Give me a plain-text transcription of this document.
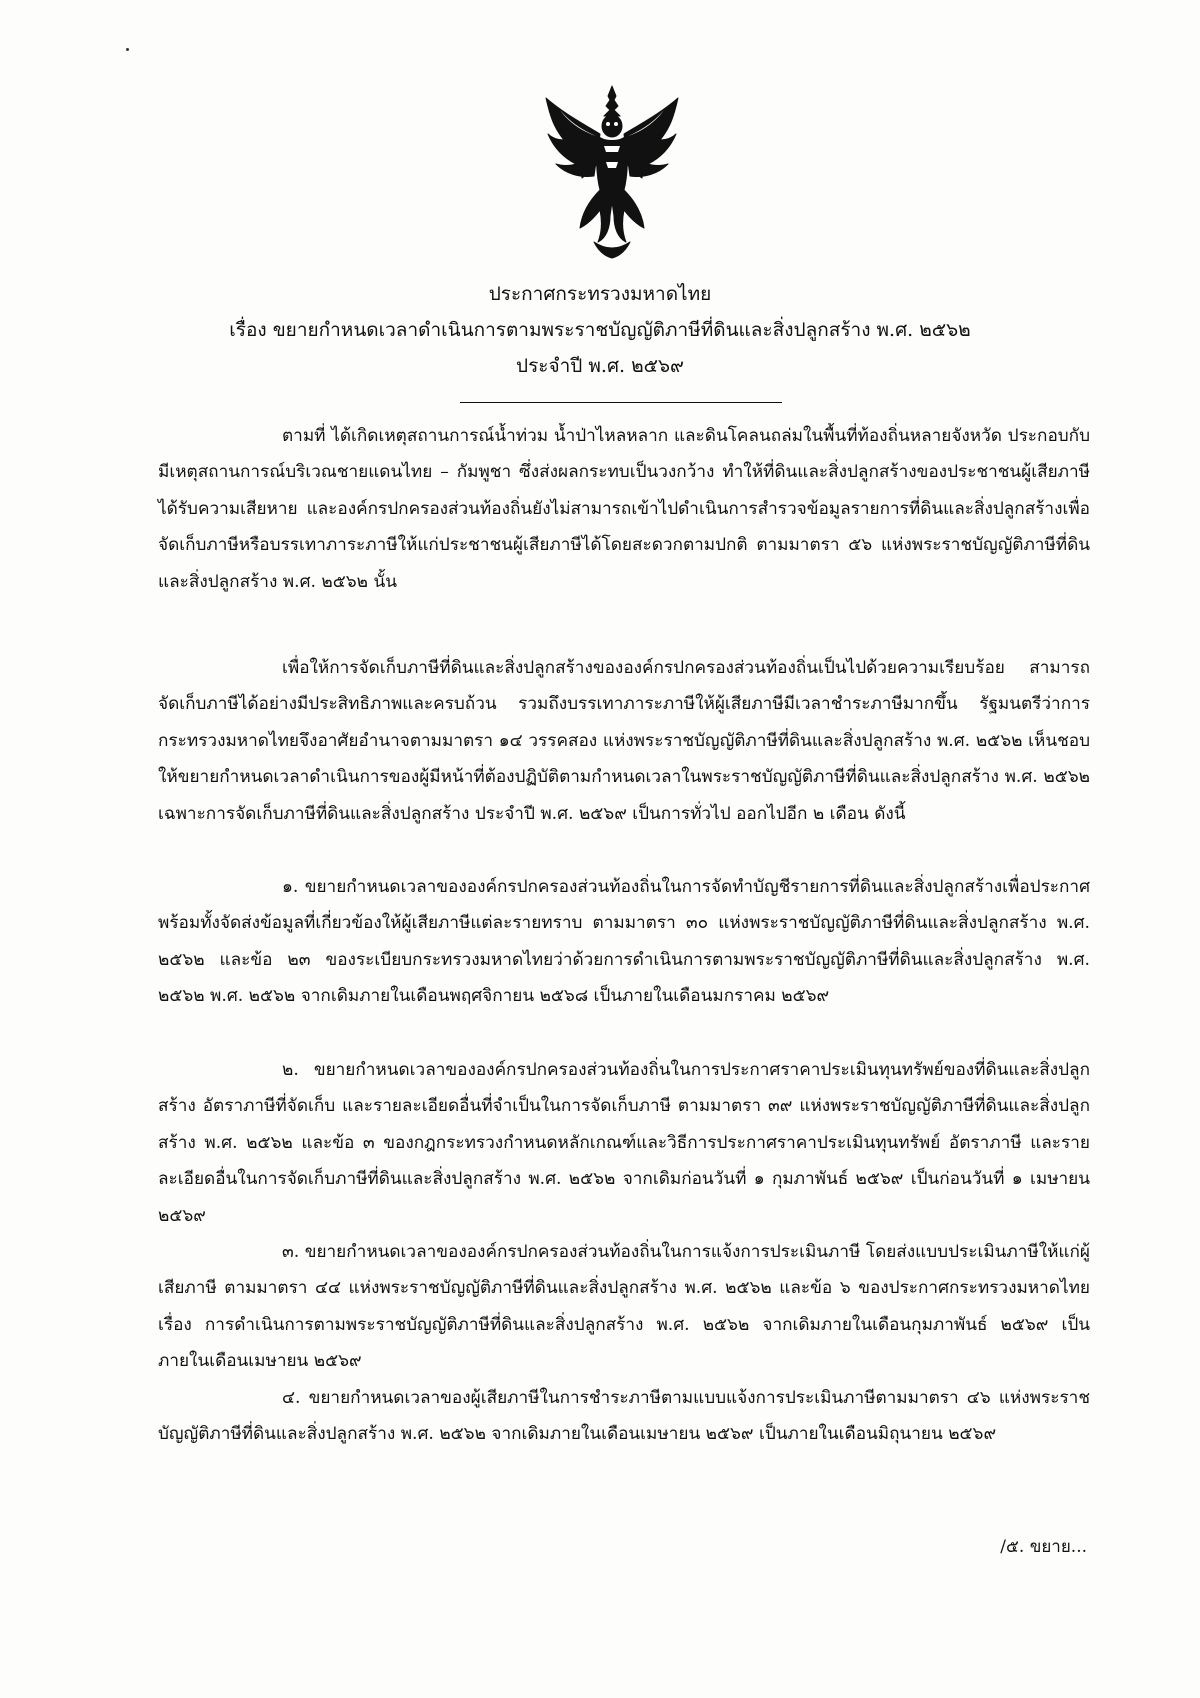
ประกาศกระทรวงมหาดไทย
เรื่อง ขยายกำหนดเวลาดำเนินการตามพระราชบัญญัติภาษีที่ดินและสิ่งปลูกสร้าง พ.ศ. ๒๕๖๒
ประจำปี พ.ศ. ๒๕๖๙
ตามที่ ได้เกิดเหตุสถานการณ์น้ำท่วม น้ำป่าไหลหลาก และดินโคลนถล่มในพื้นที่ท้องถิ่นหลายจังหวัด ประกอบกับมีเหตุสถานการณ์บริเวณชายแดนไทย – กัมพูชา ซึ่งส่งผลกระทบเป็นวงกว้าง ทำให้ที่ดินและสิ่งปลูกสร้างของประชาชนผู้เสียภาษีได้รับความเสียหาย และองค์กรปกครองส่วนท้องถิ่นยังไม่สามารถเข้าไปดำเนินการสำรวจข้อมูลรายการที่ดินและสิ่งปลูกสร้างเพื่อจัดเก็บภาษีหรือบรรเทาภาระภาษีให้แก่ประชาชนผู้เสียภาษีได้โดยสะดวกตามปกติ ตามมาตรา ๕๖ แห่งพระราชบัญญัติภาษีที่ดินและสิ่งปลูกสร้าง พ.ศ. ๒๕๖๒ นั้น
เพื่อให้การจัดเก็บภาษีที่ดินและสิ่งปลูกสร้างขององค์กรปกครองส่วนท้องถิ่นเป็นไปด้วยความเรียบร้อย สามารถจัดเก็บภาษีได้อย่างมีประสิทธิภาพและครบถ้วน รวมถึงบรรเทาภาระภาษีให้ผู้เสียภาษีมีเวลาชำระภาษีมากขึ้น รัฐมนตรีว่าการกระทรวงมหาดไทยจึงอาศัยอำนาจตามมาตรา ๑๔ วรรคสอง แห่งพระราชบัญญัติภาษีที่ดินและสิ่งปลูกสร้าง พ.ศ. ๒๕๖๒ เห็นชอบให้ขยายกำหนดเวลาดำเนินการของผู้มีหน้าที่ต้องปฏิบัติตามกำหนดเวลาในพระราชบัญญัติภาษีที่ดินและสิ่งปลูกสร้าง พ.ศ. ๒๕๖๒ เฉพาะการจัดเก็บภาษีที่ดินและสิ่งปลูกสร้าง ประจำปี พ.ศ. ๒๕๖๙ เป็นการทั่วไป ออกไปอีก ๒ เดือน ดังนี้
๑. ขยายกำหนดเวลาขององค์กรปกครองส่วนท้องถิ่นในการจัดทำบัญชีรายการที่ดินและสิ่งปลูกสร้างเพื่อประกาศ พร้อมทั้งจัดส่งข้อมูลที่เกี่ยวข้องให้ผู้เสียภาษีแต่ละรายทราบ ตามมาตรา ๓๐ แห่งพระราชบัญญัติภาษีที่ดินและสิ่งปลูกสร้าง พ.ศ. ๒๕๖๒ และข้อ ๒๓ ของระเบียบกระทรวงมหาดไทยว่าด้วยการดำเนินการตามพระราชบัญญัติภาษีที่ดินและสิ่งปลูกสร้าง พ.ศ. ๒๕๖๒ พ.ศ. ๒๕๖๒ จากเดิมภายในเดือนพฤศจิกายน ๒๕๖๘ เป็นภายในเดือนมกราคม ๒๕๖๙
๒. ขยายกำหนดเวลาขององค์กรปกครองส่วนท้องถิ่นในการประกาศราคาประเมินทุนทรัพย์ของที่ดินและสิ่งปลูกสร้าง อัตราภาษีที่จัดเก็บ และรายละเอียดอื่นที่จำเป็นในการจัดเก็บภาษี ตามมาตรา ๓๙ แห่งพระราชบัญญัติภาษีที่ดินและสิ่งปลูกสร้าง พ.ศ. ๒๕๖๒ และข้อ ๓ ของกฎกระทรวงกำหนดหลักเกณฑ์และวิธีการประกาศราคาประเมินทุนทรัพย์ อัตราภาษี และรายละเอียดอื่นในการจัดเก็บภาษีที่ดินและสิ่งปลูกสร้าง พ.ศ. ๒๕๖๒ จากเดิมก่อนวันที่ ๑ กุมภาพันธ์ ๒๕๖๙ เป็นก่อนวันที่ ๑ เมษายน ๒๕๖๙
๓. ขยายกำหนดเวลาขององค์กรปกครองส่วนท้องถิ่นในการแจ้งการประเมินภาษี โดยส่งแบบประเมินภาษีให้แก่ผู้เสียภาษี ตามมาตรา ๔๔ แห่งพระราชบัญญัติภาษีที่ดินและสิ่งปลูกสร้าง พ.ศ. ๒๕๖๒ และข้อ ๖ ของประกาศกระทรวงมหาดไทย เรื่อง การดำเนินการตามพระราชบัญญัติภาษีที่ดินและสิ่งปลูกสร้าง พ.ศ. ๒๕๖๒ จากเดิมภายในเดือนกุมภาพันธ์ ๒๕๖๙ เป็นภายในเดือนเมษายน ๒๕๖๙
๔. ขยายกำหนดเวลาของผู้เสียภาษีในการชำระภาษีตามแบบแจ้งการประเมินภาษีตามมาตรา ๔๖ แห่งพระราชบัญญัติภาษีที่ดินและสิ่งปลูกสร้าง พ.ศ. ๒๕๖๒ จากเดิมภายในเดือนเมษายน ๒๕๖๙ เป็นภายในเดือนมิถุนายน ๒๕๖๙
/๕. ขยาย...
